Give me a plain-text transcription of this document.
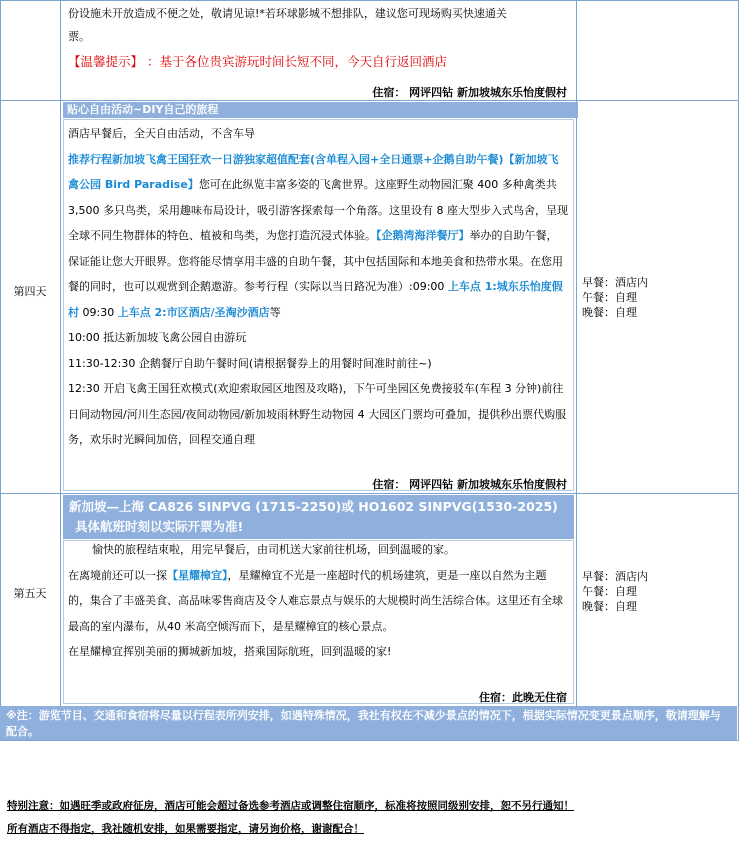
份设施未开放造成不便之处，敬请见谅!*若环球影城不想排队，建议您可现场购买快速通关
票。
【温馨提示】 ：基于各位贵宾游玩时间长短不同，今天自行返回酒店
住宿： 网评四钻 新加坡城东乐怡度假村
第四天
贴心自由活动~DIY自己的旅程
酒店早餐后，全天自由活动，不含车导
推荐行程新加坡飞禽王国狂欢一日游独家超值配套(含单程入园+全日通票+企鹅自助午餐)【新加坡飞禽公园 Bird Paradise】您可在此纵览丰富多姿的飞禽世界。这座野生动物园汇聚 400 多种禽类共 3,500 多只鸟类，采用趣味布局设计，吸引游客探索每一个角落。这里设有 8 座大型步入式鸟舍，呈现全球不同生物群体的特色、植被和鸟类，为您打造沉浸式体验。【企鹅湾海洋餐厅】举办的自助午餐，保证能让您大开眼界。您将能尽情享用丰盛的自助午餐，其中包括国际和本地美食和热带水果。在您用餐的同时，也可以观赏到企鹅遨游。参考行程（实际以当日路况为准）:09:00 上车点 1:城东乐怡度假村 09:30 上车点 2:市区酒店/圣淘沙酒店等
10:00 抵达新加坡飞禽公园自由游玩
11:30-12:30 企鹅餐厅自助午餐时间(请根据餐券上的用餐时间准时前往~)
12:30 开启飞禽王国狂欢模式(欢迎索取园区地图及攻略)，下午可坐园区免费接驳车(车程 3 分钟)前往日间动物园/河川生态园/夜间动物园/新加坡雨林野生动物园 4 大园区门票均可叠加，提供秒出票代购服务，欢乐时光瞬间加倍，回程交通自理
住宿： 网评四钻 新加坡城东乐怡度假村
早餐：酒店内
午餐：自理
晚餐：自理
第五天
新加坡—上海 CA826 SINPVG (1715-2250)或 HO1602 SINPVG(1530-2025)
具体航班时刻以实际开票为准!
愉快的旅程结束啦，用完早餐后，由司机送大家前往机场，回到温暖的家。
在离境前还可以一探【星耀樟宜】，星耀樟宜不光是一座超时代的机场建筑，更是一座以自然为主题的，集合了丰盛美食、高品味零售商店及令人难忘景点与娱乐的大规模时尚生活综合体。这里还有全球最高的室内瀑布，从40 米高空倾泻而下，是星耀樟宜的核心景点。
在星耀樟宜挥别美丽的狮城新加坡，搭乘国际航班，回到温暖的家!
住宿：此晚无住宿
早餐：酒店内
午餐：自理
晚餐：自理
※注：游览节目、交通和食宿将尽量以行程表所列安排，如遇特殊情况，我社有权在不减少景点的情况下，根据实际情况变更景点顺序，敬请理解与配合。
特别注意：如遇旺季或政府征房，酒店可能会超过备选参考酒店或调整住宿顺序，标准将按照同级别安排，恕不另行通知！
所有酒店不得指定，我社随机安排，如果需要指定，请另询价格，谢谢配合！
